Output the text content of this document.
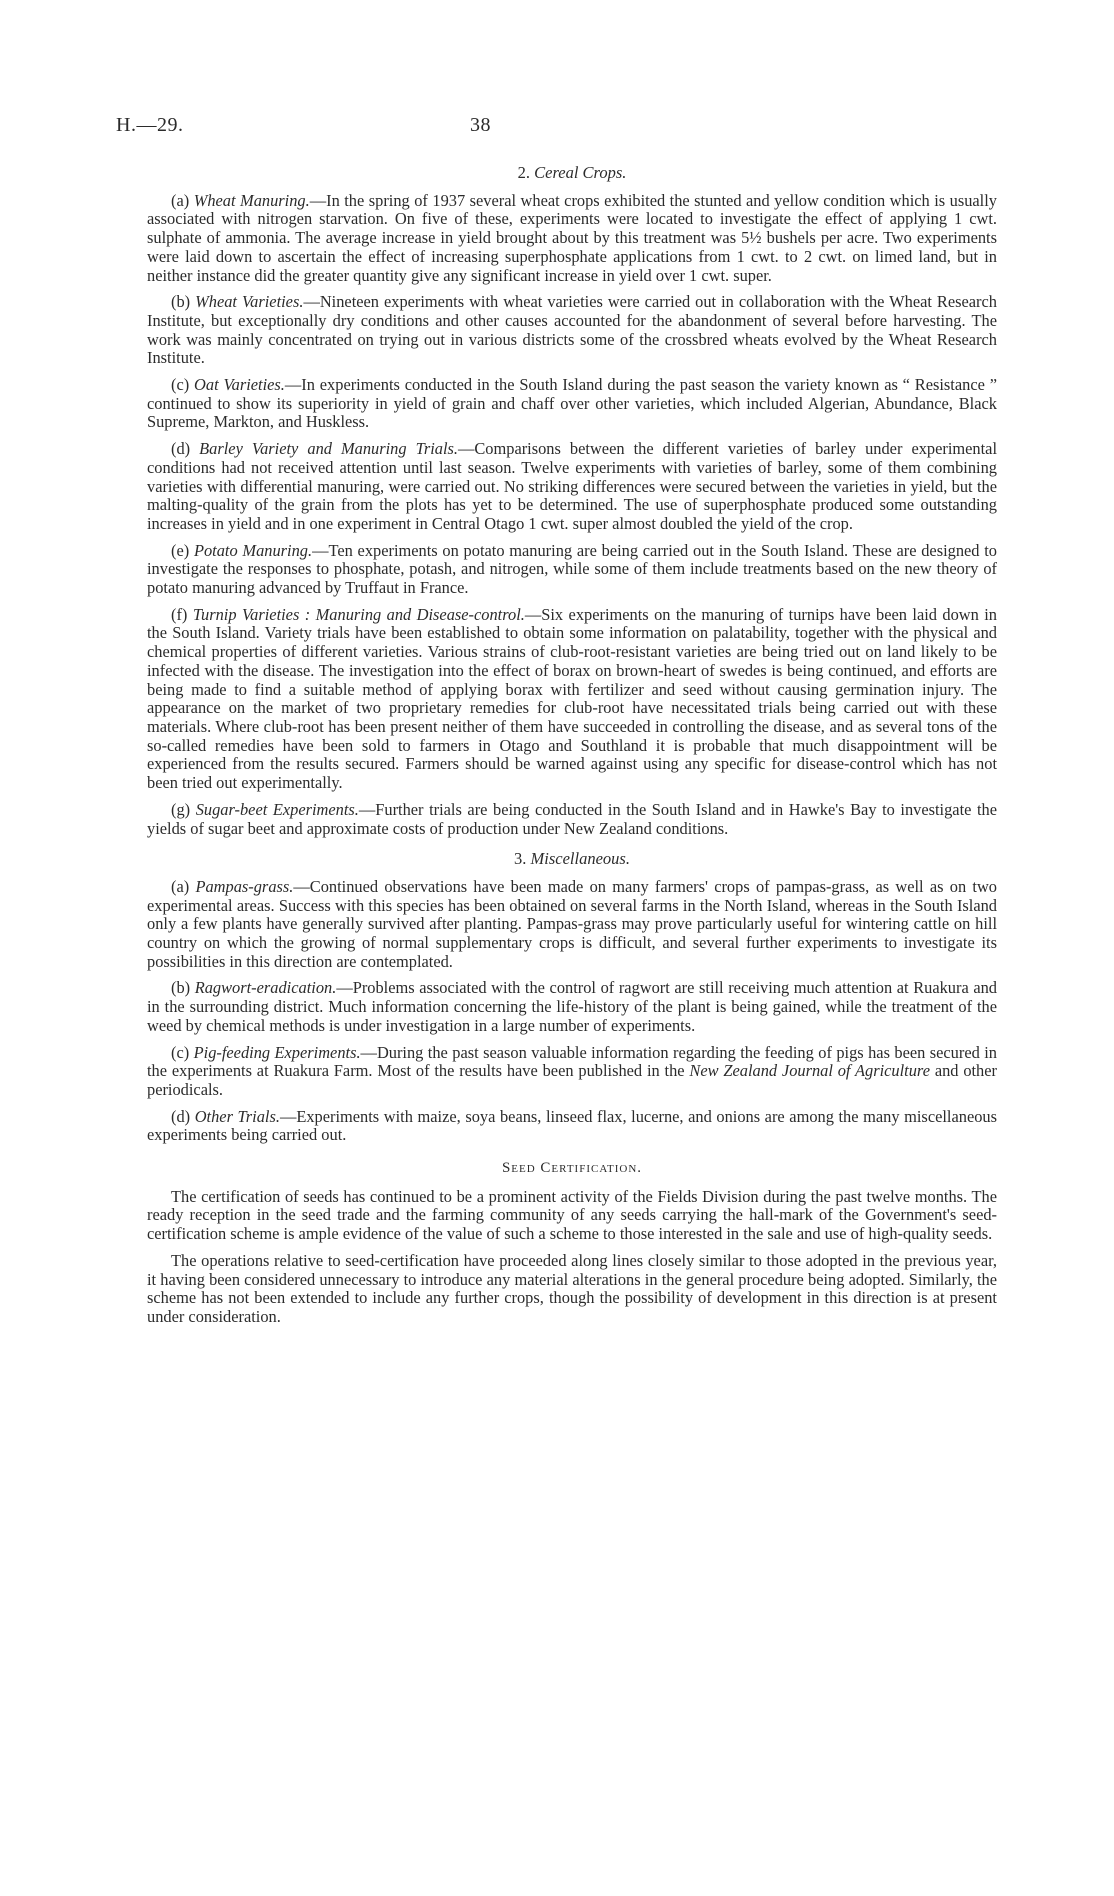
H.—29.	38
2. Cereal Crops.

(a) Wheat Manuring.—In the spring of 1937 several wheat crops exhibited the stunted and yellow condition which is usually associated with nitrogen starvation. On five of these, experiments were located to investigate the effect of applying 1 cwt. sulphate of ammonia. The average increase in yield brought about by this treatment was 5½ bushels per acre. Two experiments were laid down to ascertain the effect of increasing superphosphate applications from 1 cwt. to 2 cwt. on limed land, but in neither instance did the greater quantity give any significant increase in yield over 1 cwt. super.

(b) Wheat Varieties.—Nineteen experiments with wheat varieties were carried out in collaboration with the Wheat Research Institute, but exceptionally dry conditions and other causes accounted for the abandonment of several before harvesting. The work was mainly concentrated on trying out in various districts some of the crossbred wheats evolved by the Wheat Research Institute.

(c) Oat Varieties.—In experiments conducted in the South Island during the past season the variety known as “ Resistance ” continued to show its superiority in yield of grain and chaff over other varieties, which included Algerian, Abundance, Black Supreme, Markton, and Huskless.

(d) Barley Variety and Manuring Trials.—Comparisons between the different varieties of barley under experimental conditions had not received attention until last season. Twelve experiments with varieties of barley, some of them combining varieties with differential manuring, were carried out. No striking differences were secured between the varieties in yield, but the malting-quality of the grain from the plots has yet to be determined. The use of superphosphate produced some outstanding increases in yield and in one experiment in Central Otago 1 cwt. super almost doubled the yield of the crop.

(e) Potato Manuring.—Ten experiments on potato manuring are being carried out in the South Island. These are designed to investigate the responses to phosphate, potash, and nitrogen, while some of them include treatments based on the new theory of potato manuring advanced by Truffaut in France.

(f) Turnip Varieties : Manuring and Disease-control.—Six experiments on the manuring of turnips have been laid down in the South Island. Variety trials have been established to obtain some information on palatability, together with the physical and chemical properties of different varieties. Various strains of club-root-resistant varieties are being tried out on land likely to be infected with the disease. The investigation into the effect of borax on brown-heart of swedes is being continued, and efforts are being made to find a suitable method of applying borax with fertilizer and seed without causing germination injury. The appearance on the market of two proprietary remedies for club-root have necessitated trials being carried out with these materials. Where club-root has been present neither of them have succeeded in controlling the disease, and as several tons of the so-called remedies have been sold to farmers in Otago and Southland it is probable that much disappointment will be experienced from the results secured. Farmers should be warned against using any specific for disease-control which has not been tried out experimentally.

(g) Sugar-beet Experiments.—Further trials are being conducted in the South Island and in Hawke's Bay to investigate the yields of sugar beet and approximate costs of production under New Zealand conditions.

3. Miscellaneous.

(a) Pampas-grass.—Continued observations have been made on many farmers' crops of pampas-grass, as well as on two experimental areas. Success with this species has been obtained on several farms in the North Island, whereas in the South Island only a few plants have generally survived after planting. Pampas-grass may prove particularly useful for wintering cattle on hill country on which the growing of normal supplementary crops is difficult, and several further experiments to investigate its possibilities in this direction are contemplated.

(b) Ragwort-eradication.—Problems associated with the control of ragwort are still receiving much attention at Ruakura and in the surrounding district. Much information concerning the life-history of the plant is being gained, while the treatment of the weed by chemical methods is under investigation in a large number of experiments.

(c) Pig-feeding Experiments.—During the past season valuable information regarding the feeding of pigs has been secured in the experiments at Ruakura Farm. Most of the results have been published in the New Zealand Journal of Agriculture and other periodicals.

(d) Other Trials.—Experiments with maize, soya beans, linseed flax, lucerne, and onions are among the many miscellaneous experiments being carried out.

Seed Certification.

The certification of seeds has continued to be a prominent activity of the Fields Division during the past twelve months. The ready reception in the seed trade and the farming community of any seeds carrying the hall-mark of the Government's seed-certification scheme is ample evidence of the value of such a scheme to those interested in the sale and use of high-quality seeds.

The operations relative to seed-certification have proceeded along lines closely similar to those adopted in the previous year, it having been considered unnecessary to introduce any material alterations in the general procedure being adopted. Similarly, the scheme has not been extended to include any further crops, though the possibility of development in this direction is at present under consideration.
